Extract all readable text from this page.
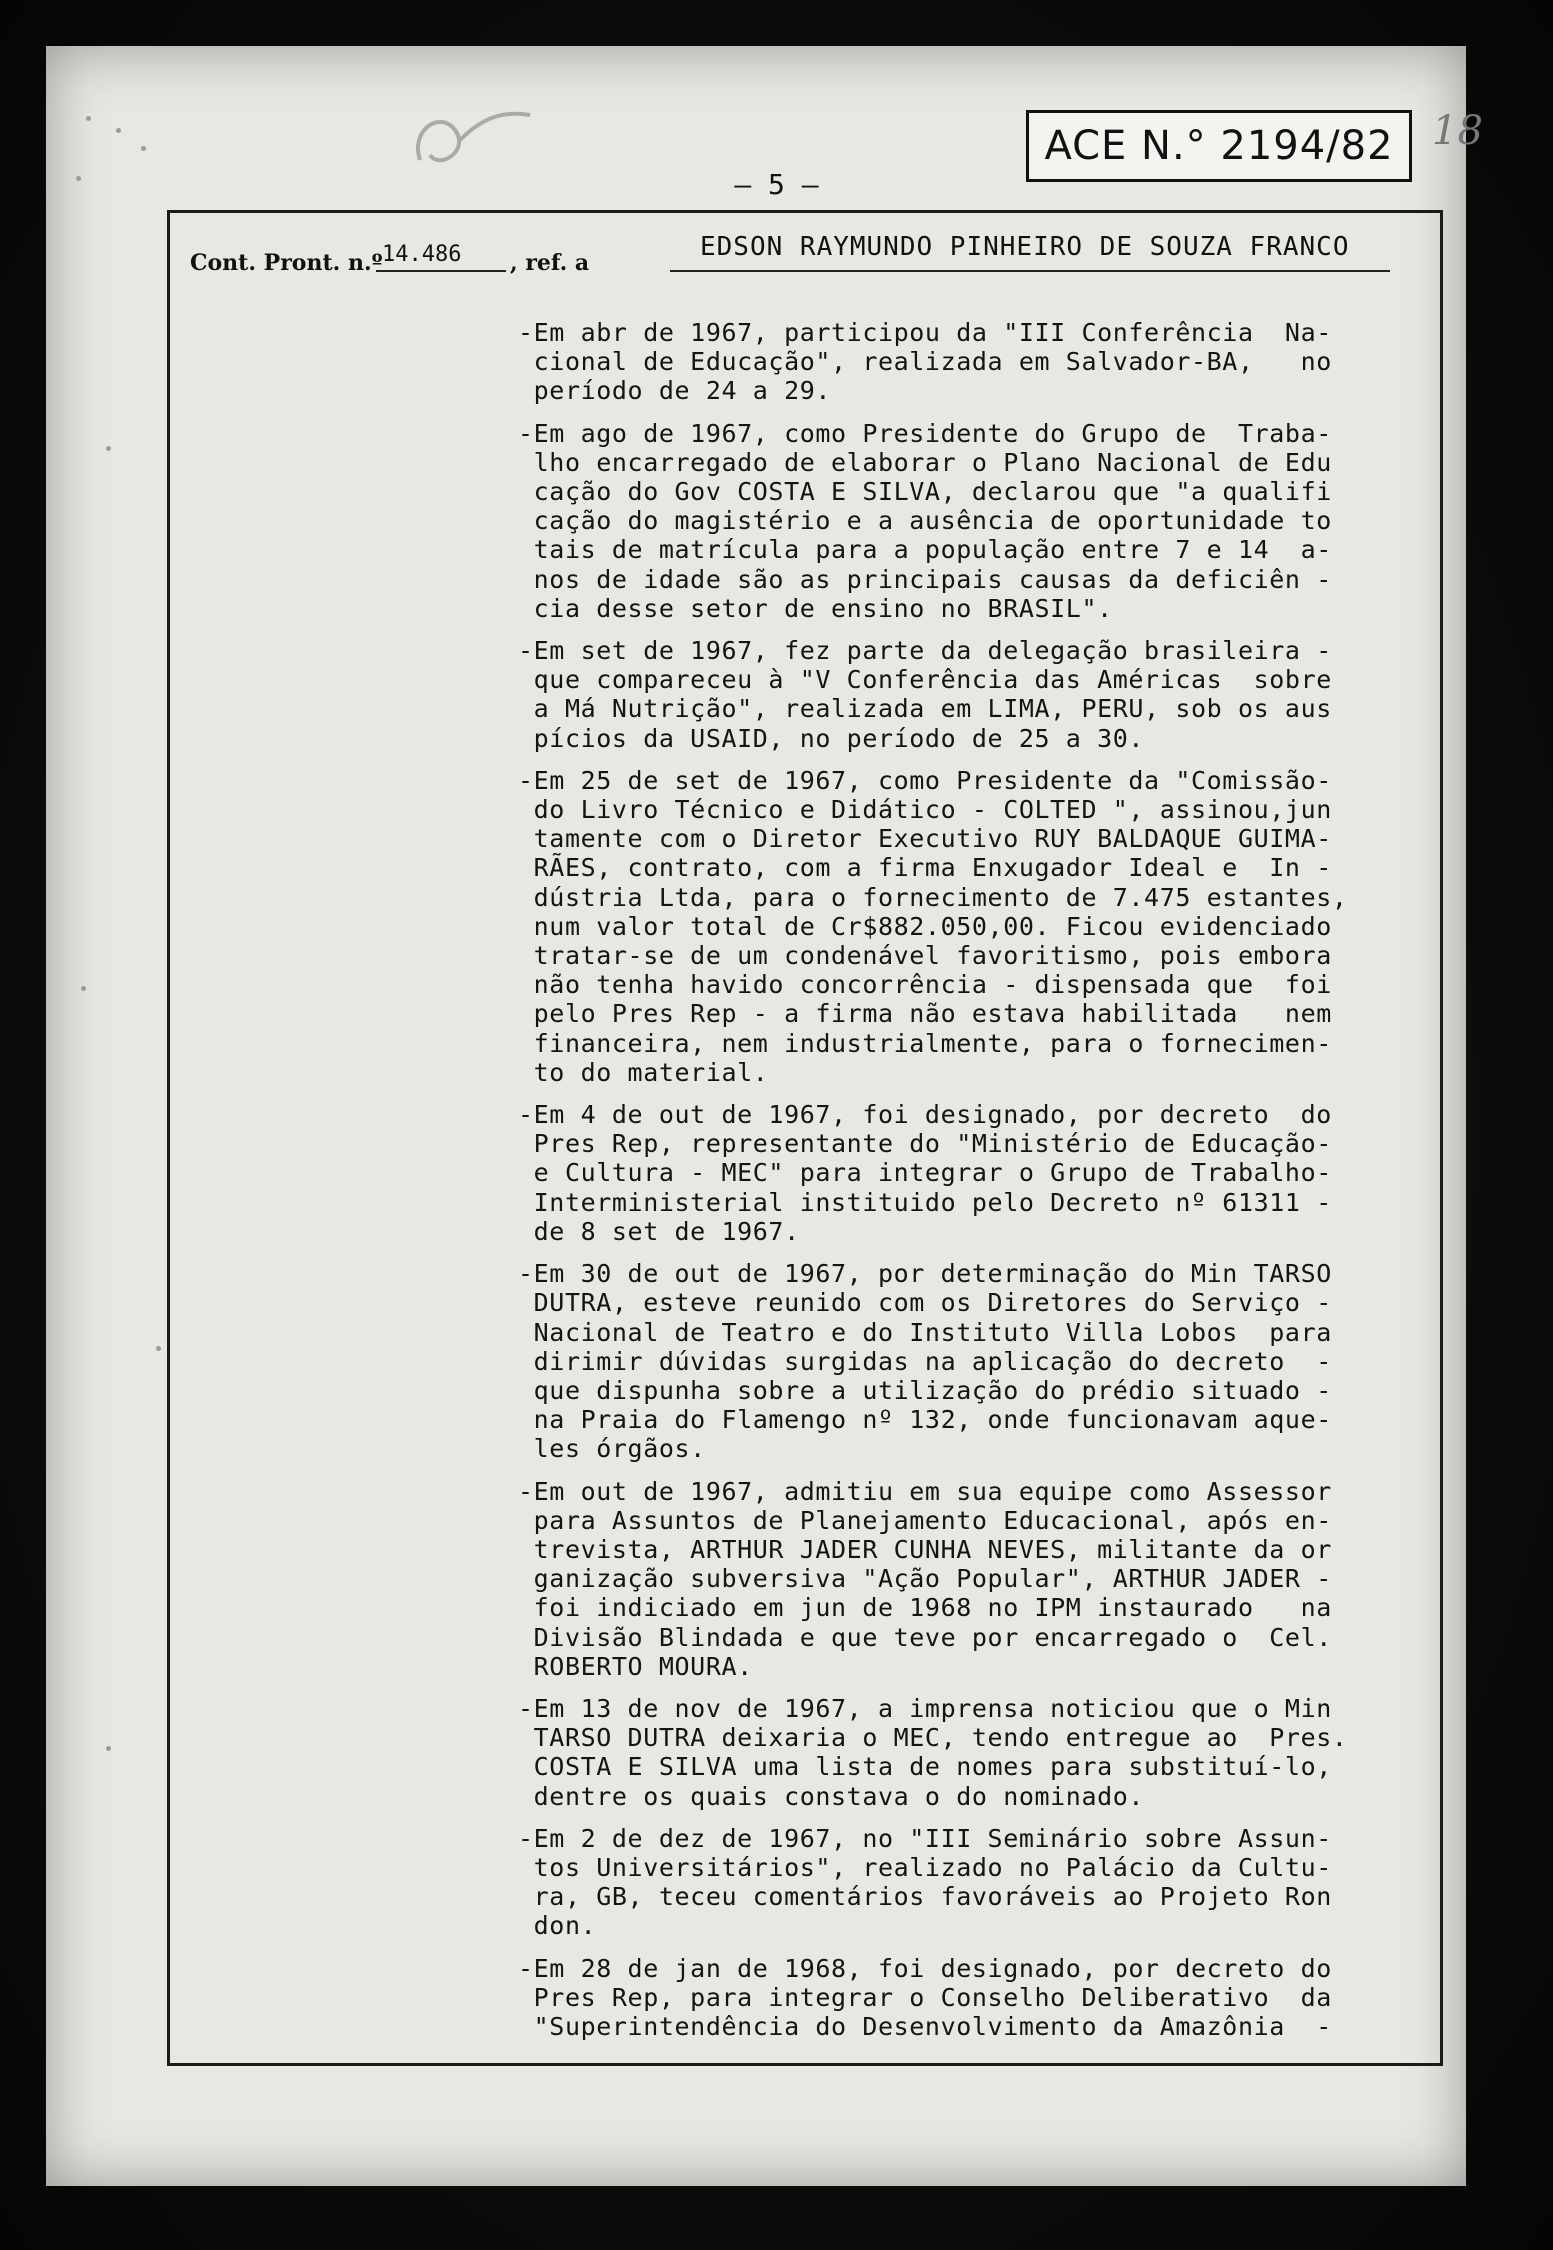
ACE N.° 2194/82 18
— 5 —
Cont. Pront. n.º 14.486 , ref. a
EDSON RAYMUNDO PINHEIRO DE SOUZA FRANCO
-Em abr de 1967, participou da "III Conferência  Na-
cional de Educação", realizada em Salvador-BA,   no
período de 24 a 29.
-Em ago de 1967, como Presidente do Grupo de  Traba-
lho encarregado de elaborar o Plano Nacional de Edu
cação do Gov COSTA E SILVA, declarou que "a qualifi
cação do magistério e a ausência de oportunidade to
tais de matrícula para a população entre 7 e 14  a-
nos de idade são as principais causas da deficiên -
cia desse setor de ensino no BRASIL".
-Em set de 1967, fez parte da delegação brasileira -
que compareceu à "V Conferência das Américas  sobre
a Má Nutrição", realizada em LIMA, PERU, sob os aus
pícios da USAID, no período de 25 a 30.
-Em 25 de set de 1967, como Presidente da "Comissão-
do Livro Técnico e Didático - COLTED ", assinou,jun
tamente com o Diretor Executivo RUY BALDAQUE GUIMA-
RÃES, contrato, com a firma Enxugador Ideal e  In -
dústria Ltda, para o fornecimento de 7.475 estantes,
num valor total de Cr$882.050,00. Ficou evidenciado
tratar-se de um condenável favoritismo, pois embora
não tenha havido concorrência - dispensada que  foi
pelo Pres Rep - a firma não estava habilitada   nem
financeira, nem industrialmente, para o fornecimen-
to do material.
-Em 4 de out de 1967, foi designado, por decreto  do
Pres Rep, representante do "Ministério de Educação-
e Cultura - MEC" para integrar o Grupo de Trabalho-
Interministerial instituido pelo Decreto nº 61311 -
de 8 set de 1967.
-Em 30 de out de 1967, por determinação do Min TARSO
DUTRA, esteve reunido com os Diretores do Serviço -
Nacional de Teatro e do Instituto Villa Lobos  para
dirimir dúvidas surgidas na aplicação do decreto  -
que dispunha sobre a utilização do prédio situado -
na Praia do Flamengo nº 132, onde funcionavam aque-
les órgãos.
-Em out de 1967, admitiu em sua equipe como Assessor
para Assuntos de Planejamento Educacional, após en-
trevista, ARTHUR JADER CUNHA NEVES, militante da or
ganização subversiva "Ação Popular", ARTHUR JADER -
foi indiciado em jun de 1968 no IPM instaurado   na
Divisão Blindada e que teve por encarregado o  Cel.
ROBERTO MOURA.
-Em 13 de nov de 1967, a imprensa noticiou que o Min
TARSO DUTRA deixaria o MEC, tendo entregue ao  Pres.
COSTA E SILVA uma lista de nomes para substituí-lo,
dentre os quais constava o do nominado.
-Em 2 de dez de 1967, no "III Seminário sobre Assun-
tos Universitários", realizado no Palácio da Cultu-
ra, GB, teceu comentários favoráveis ao Projeto Ron
don.
-Em 28 de jan de 1968, foi designado, por decreto do
Pres Rep, para integrar o Conselho Deliberativo  da
"Superintendência do Desenvolvimento da Amazônia  -
